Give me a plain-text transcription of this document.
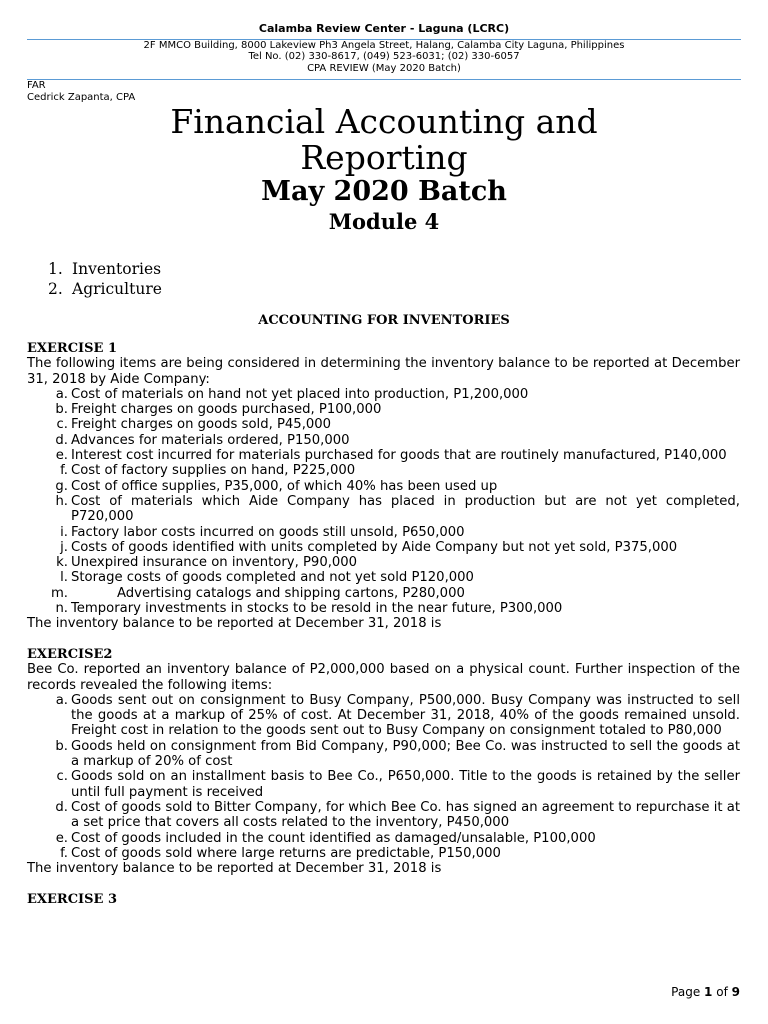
Calamba Review Center - Laguna (LCRC)
2F MMCO Building, 8000 Lakeview Ph3 Angela Street, Halang, Calamba City Laguna, Philippines
Tel No. (02) 330-8617, (049) 523-6031; (02) 330-6057
CPA REVIEW (May 2020 Batch)
FAR
Cedrick Zapanta, CPA
Financial Accounting and
Reporting
May 2020 Batch
Module 4
1. Inventories
2. Agriculture
ACCOUNTING FOR INVENTORIES
EXERCISE 1
The following items are being considered in determining the inventory balance to be reported at December 31, 2018 by Aide Company:
a. Cost of materials on hand not yet placed into production, P1,200,000
b. Freight charges on goods purchased, P100,000
c. Freight charges on goods sold, P45,000
d. Advances for materials ordered, P150,000
e. Interest cost incurred for materials purchased for goods that are routinely manufactured, P140,000
f. Cost of factory supplies on hand, P225,000
g. Cost of office supplies, P35,000, of which 40% has been used up
h. Cost of materials which Aide Company has placed in production but are not yet completed, P720,000
i. Factory labor costs incurred on goods still unsold, P650,000
j. Costs of goods identified with units completed by Aide Company but not yet sold, P375,000
k. Unexpired insurance on inventory, P90,000
l. Storage costs of goods completed and not yet sold P120,000
m.	Advertising catalogs and shipping cartons, P280,000
n. Temporary investments in stocks to be resold in the near future, P300,000
The inventory balance to be reported at December 31, 2018 is
EXERCISE2
Bee Co. reported an inventory balance of P2,000,000 based on a physical count. Further inspection of the records revealed the following items:
a. Goods sent out on consignment to Busy Company, P500,000. Busy Company was instructed to sell the goods at a markup of 25% of cost. At December 31, 2018, 40% of the goods remained unsold. Freight cost in relation to the goods sent out to Busy Company on consignment totaled to P80,000
b. Goods held on consignment from Bid Company, P90,000; Bee Co. was instructed to sell the goods at a markup of 20% of cost
c. Goods sold on an installment basis to Bee Co., P650,000. Title to the goods is retained by the seller until full payment is received
d. Cost of goods sold to Bitter Company, for which Bee Co. has signed an agreement to repurchase it at a set price that covers all costs related to the inventory, P450,000
e. Cost of goods included in the count identified as damaged/unsalable, P100,000
f. Cost of goods sold where large returns are predictable, P150,000
The inventory balance to be reported at December 31, 2018 is
EXERCISE 3
Page 1 of 9
